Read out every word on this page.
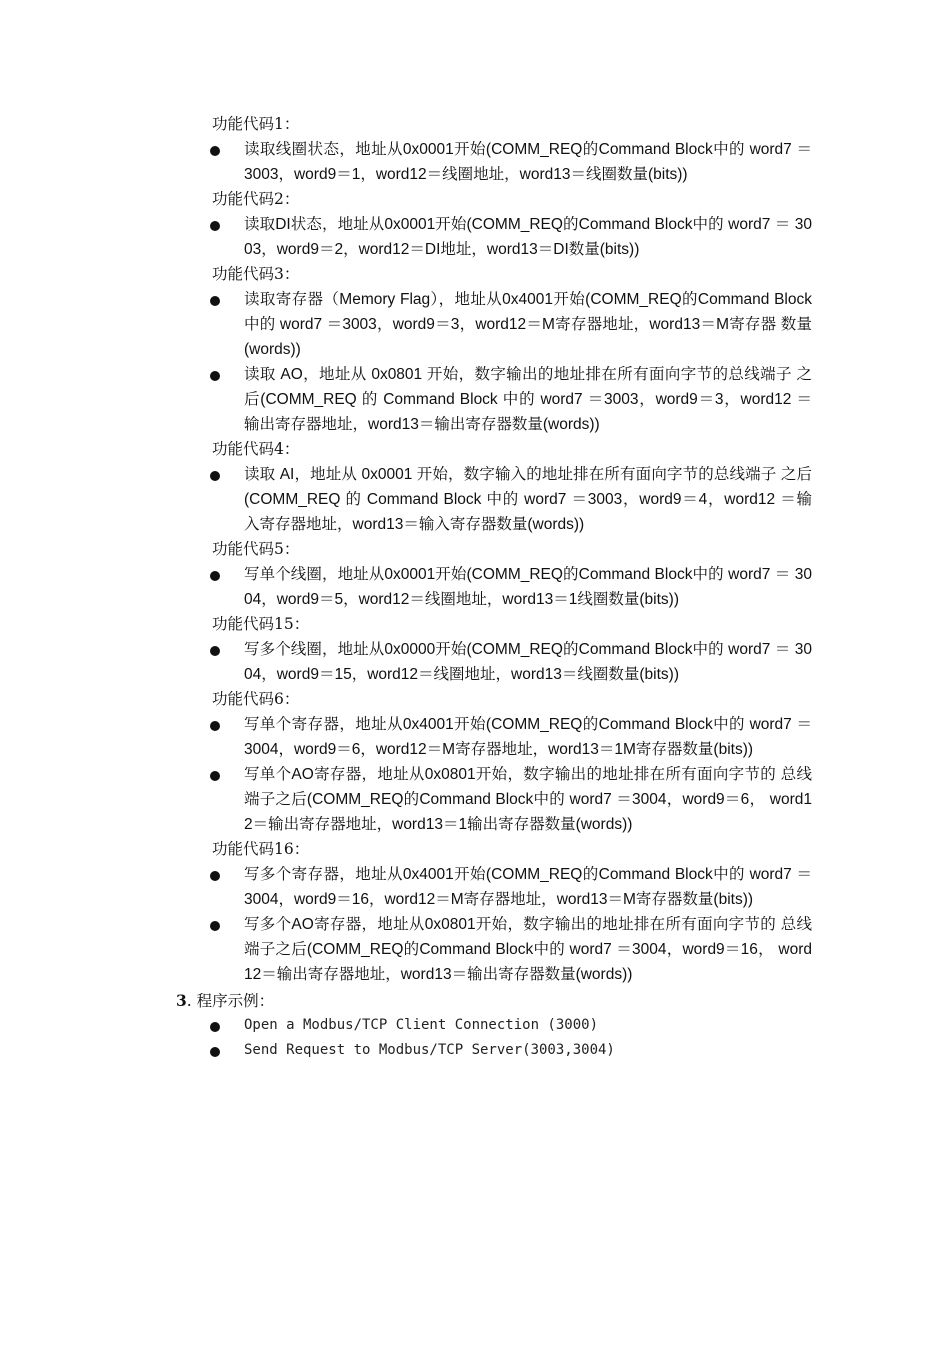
功能代码1：
读取线圈状态，地址从0x0001开始(COMM_REQ的Command Block中的 word7 ＝3003，word9＝1，word12＝线圈地址，word13＝线圈数量(bits))
功能代码2：
读取DI状态，地址从0x0001开始(COMM_REQ的Command Block中的 word7 ＝ 3003，word9＝2，word12＝DI地址，word13＝DI数量(bits))
功能代码3：
读取寄存器（Memory Flag），地址从0x4001开始(COMM_REQ的Command Block 中的 word7 ＝3003，word9＝3，word12＝M寄存器地址，word13＝M寄存器 数量(words))
读取 AO，地址从 0x0801 开始，数字输出的地址排在所有面向字节的总线端子 之后(COMM_REQ 的 Command Block 中的 word7 ＝3003，word9＝3，word12 ＝输出寄存器地址，word13＝输出寄存器数量(words))
功能代码4：
读取 AI，地址从 0x0001 开始，数字输入的地址排在所有面向字节的总线端子 之后(COMM_REQ 的 Command Block 中的 word7 ＝3003，word9＝4，word12 ＝输入寄存器地址，word13＝输入寄存器数量(words))
功能代码5：
写单个线圈，地址从0x0001开始(COMM_REQ的Command Block中的 word7 ＝ 3004，word9＝5，word12＝线圈地址，word13＝1线圈数量(bits))
功能代码15：
写多个线圈，地址从0x0000开始(COMM_REQ的Command Block中的 word7 ＝ 3004，word9＝15，word12＝线圈地址，word13＝线圈数量(bits))
功能代码6：
写单个寄存器，地址从0x4001开始(COMM_REQ的Command Block中的 word7 ＝3004，word9＝6，word12＝M寄存器地址，word13＝1M寄存器数量(bits))
写单个AO寄存器，地址从0x0801开始，数字输出的地址排在所有面向字节的 总线端子之后(COMM_REQ的Command Block中的 word7 ＝3004，word9＝6， word12＝输出寄存器地址，word13＝1输出寄存器数量(words))
功能代码16：
写多个寄存器，地址从0x4001开始(COMM_REQ的Command Block中的 word7 ＝3004，word9＝16，word12＝M寄存器地址，word13＝M寄存器数量(bits))
写多个AO寄存器，地址从0x0801开始，数字输出的地址排在所有面向字节的 总线端子之后(COMM_REQ的Command Block中的 word7 ＝3004，word9＝16， word12＝输出寄存器地址，word13＝输出寄存器数量(words))
3. 程序示例：
Open a Modbus/TCP Client Connection (3000)
Send Request to Modbus/TCP Server(3003,3004)
